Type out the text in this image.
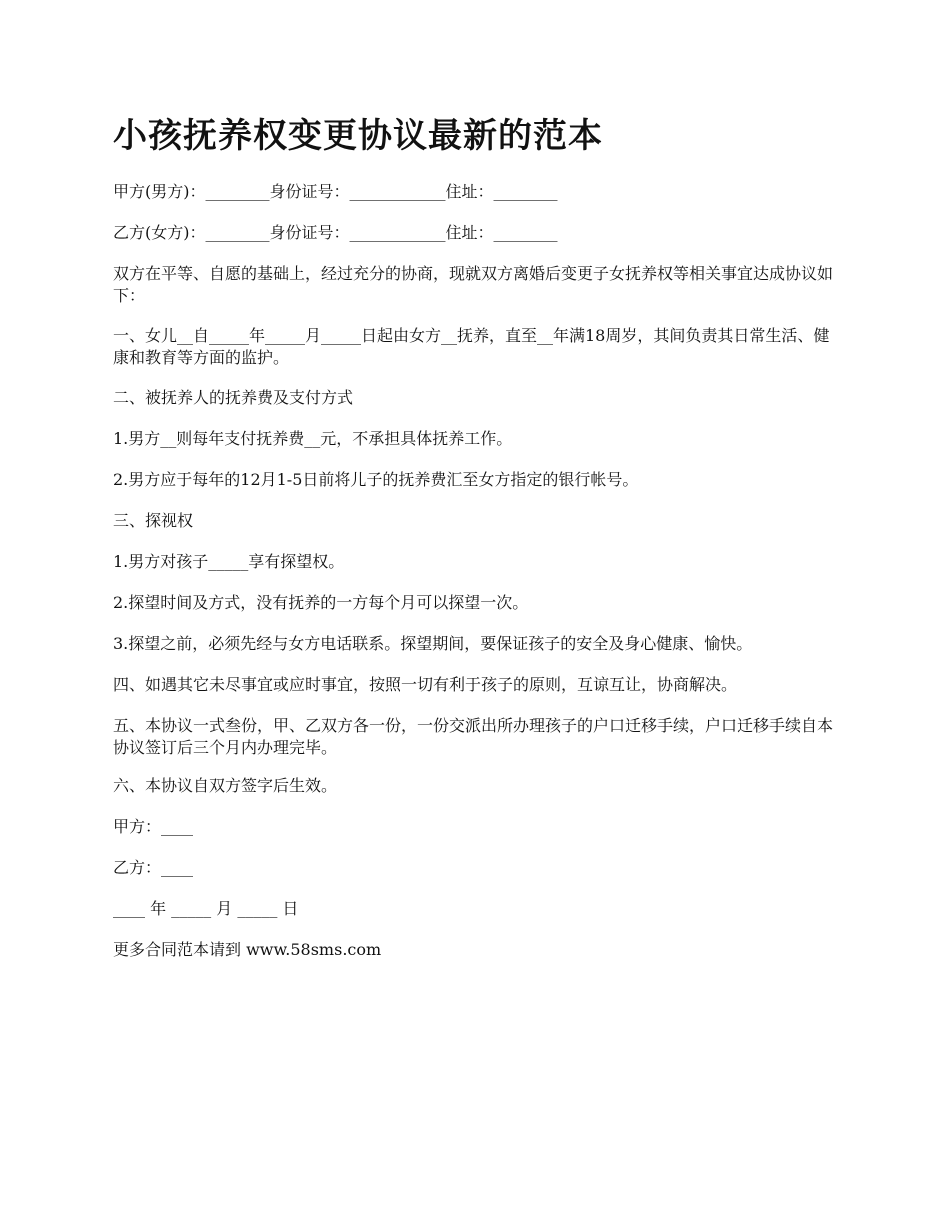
小孩抚养权变更协议最新的范本

甲方(男方)：________身份证号：____________住址：________

乙方(女方)：________身份证号：____________住址：________

双方在平等、自愿的基础上，经过充分的协商，现就双方离婚后变更子女抚养权等相关事宜达成协议如下：

一、女儿__自_____年_____月_____日起由女方__抚养，直至__年满18周岁，其间负责其日常生活、健康和教育等方面的监护。

二、被抚养人的抚养费及支付方式

1.男方__则每年支付抚养费__元，不承担具体抚养工作。

2.男方应于每年的12月1-5日前将儿子的抚养费汇至女方指定的银行帐号。

三、探视权

1.男方对孩子_____享有探望权。

2.探望时间及方式，没有抚养的一方每个月可以探望一次。

3.探望之前，必须先经与女方电话联系。探望期间，要保证孩子的安全及身心健康、愉快。

四、如遇其它未尽事宜或应时事宜，按照一切有利于孩子的原则，互谅互让，协商解决。

五、本协议一式叁份，甲、乙双方各一份，一份交派出所办理孩子的户口迁移手续，户口迁移手续自本协议签订后三个月内办理完毕。

六、本协议自双方签字后生效。

甲方：____

乙方：____

____ 年 _____ 月 _____ 日

更多合同范本请到 www.58sms.com
